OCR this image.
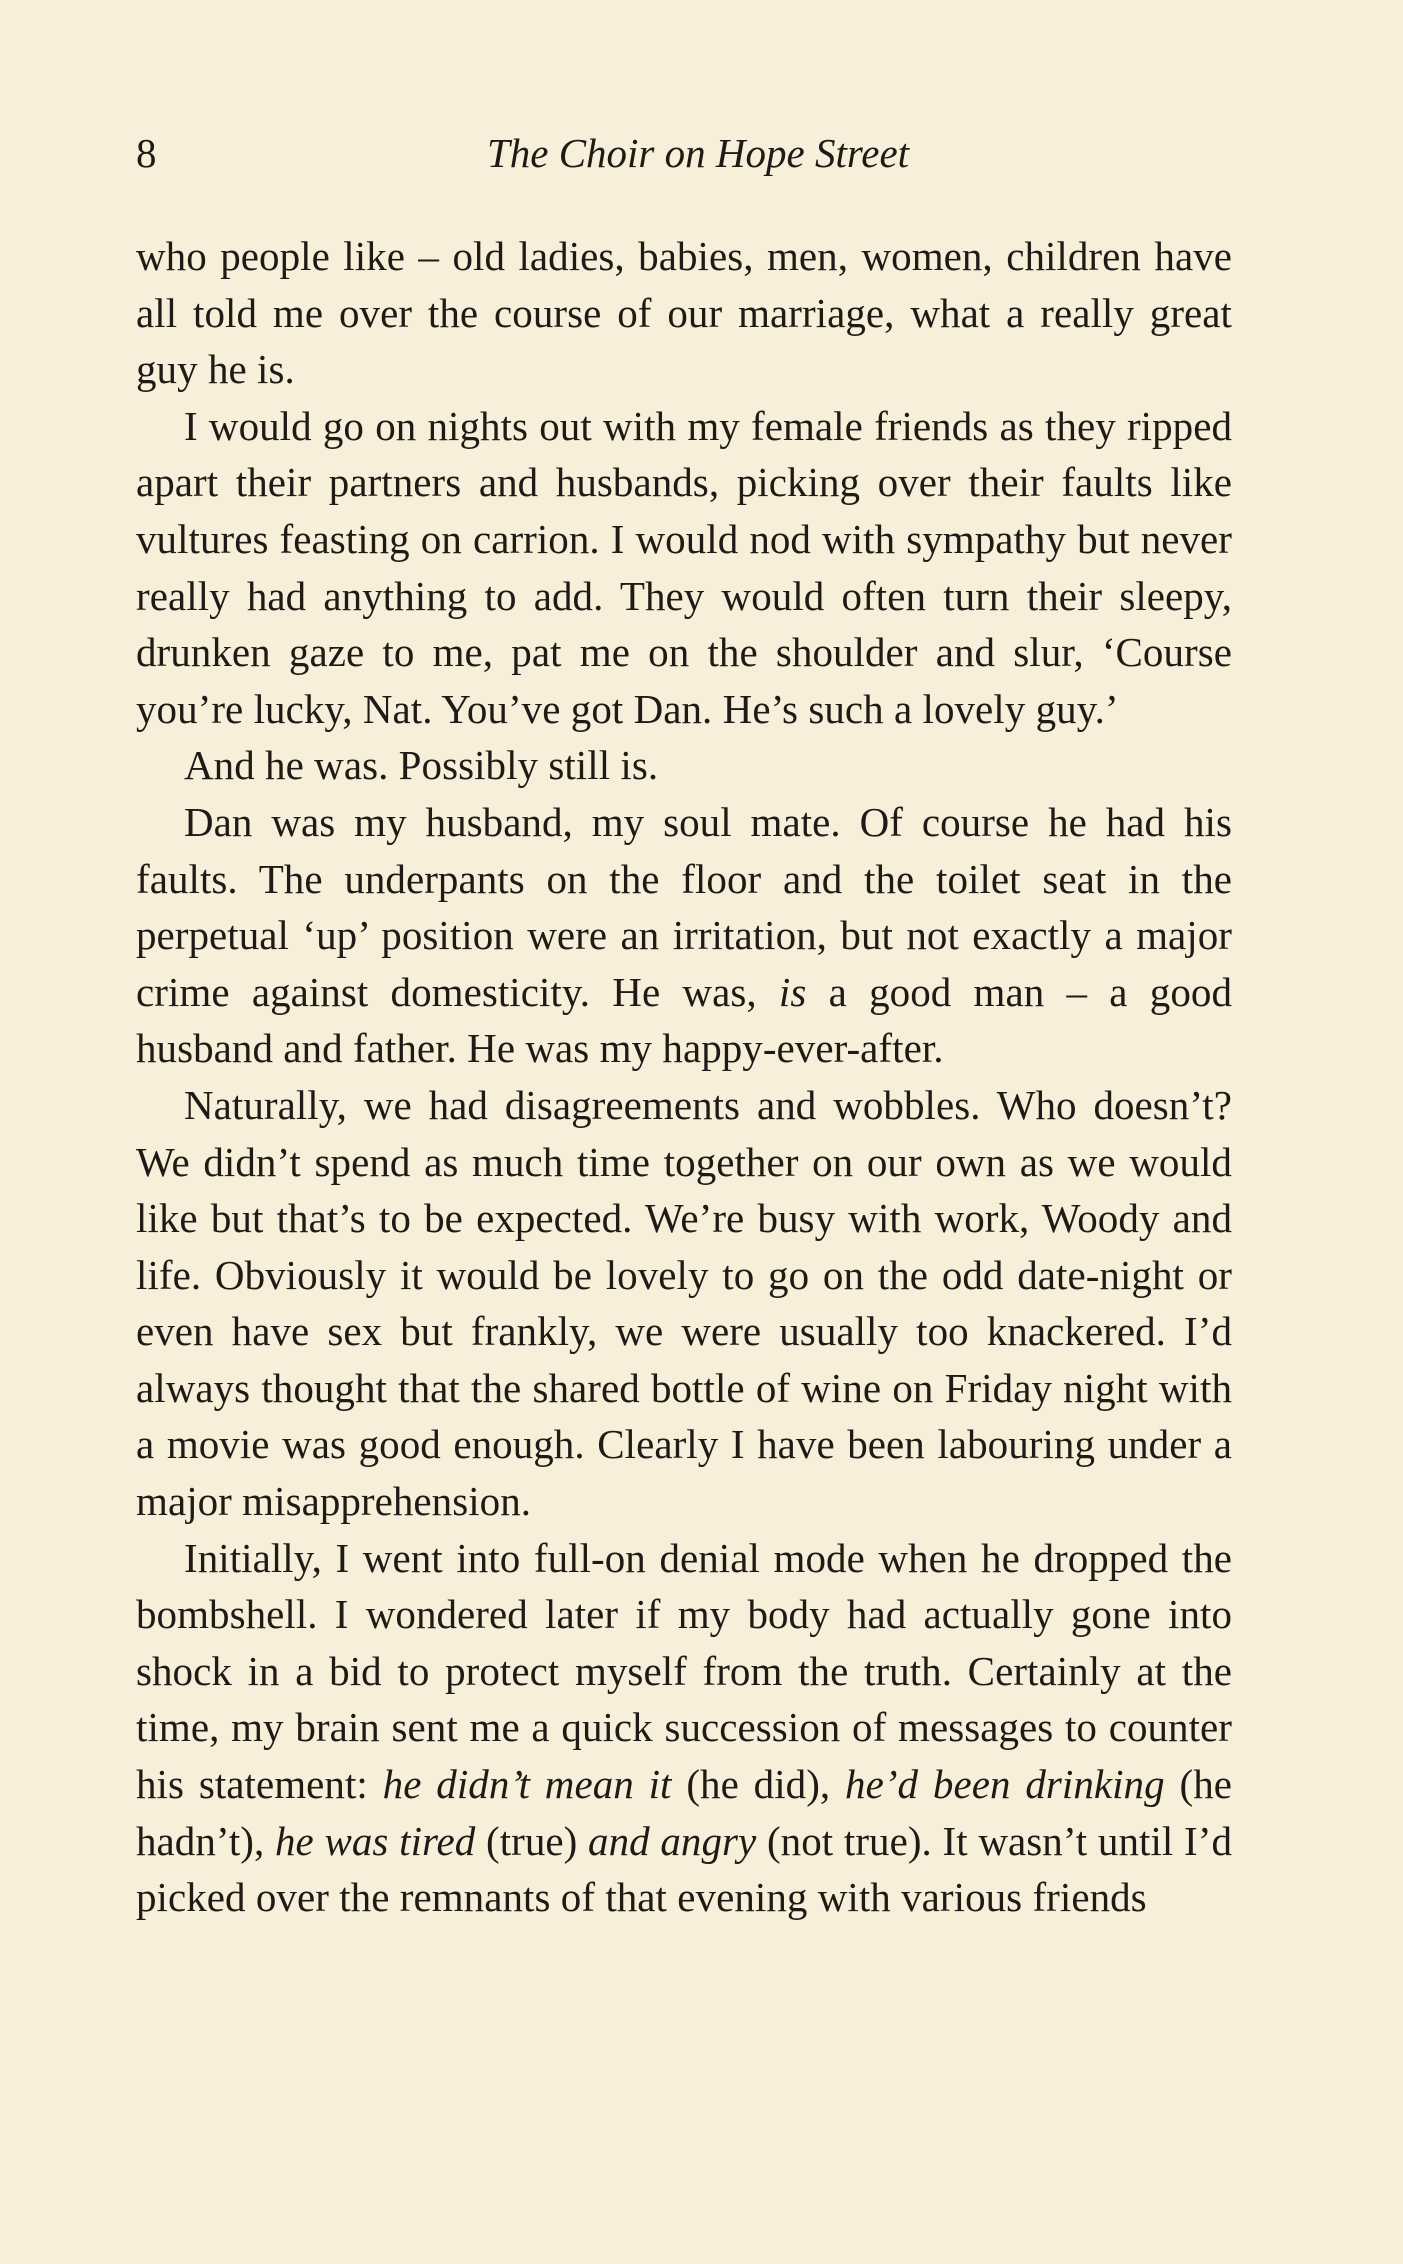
8	The Choir on Hope Street

who people like – old ladies, babies, men, women, children have all told me over the course of our marriage, what a really great guy he is.

I would go on nights out with my female friends as they ripped apart their partners and husbands, picking over their faults like vultures feasting on carrion. I would nod with sympathy but never really had anything to add. They would often turn their sleepy, drunken gaze to me, pat me on the shoulder and slur, ‘Course you’re lucky, Nat. You’ve got Dan. He’s such a lovely guy.’

And he was. Possibly still is.

Dan was my husband, my soul mate. Of course he had his faults. The underpants on the floor and the toilet seat in the perpetual ‘up’ position were an irritation, but not exactly a major crime against domesticity. He was, is a good man – a good husband and father. He was my happy-ever-after.

Naturally, we had disagreements and wobbles. Who doesn’t? We didn’t spend as much time together on our own as we would like but that’s to be expected. We’re busy with work, Woody and life. Obviously it would be lovely to go on the odd date-night or even have sex but frankly, we were usually too knackered. I’d always thought that the shared bottle of wine on Friday night with a movie was good enough. Clearly I have been labouring under a major misapprehension.

Initially, I went into full-on denial mode when he dropped the bombshell. I wondered later if my body had actually gone into shock in a bid to protect myself from the truth. Certainly at the time, my brain sent me a quick succession of messages to counter his statement: he didn’t mean it (he did), he’d been drinking (he hadn’t), he was tired (true) and angry (not true). It wasn’t until I’d picked over the remnants of that evening with various friends
